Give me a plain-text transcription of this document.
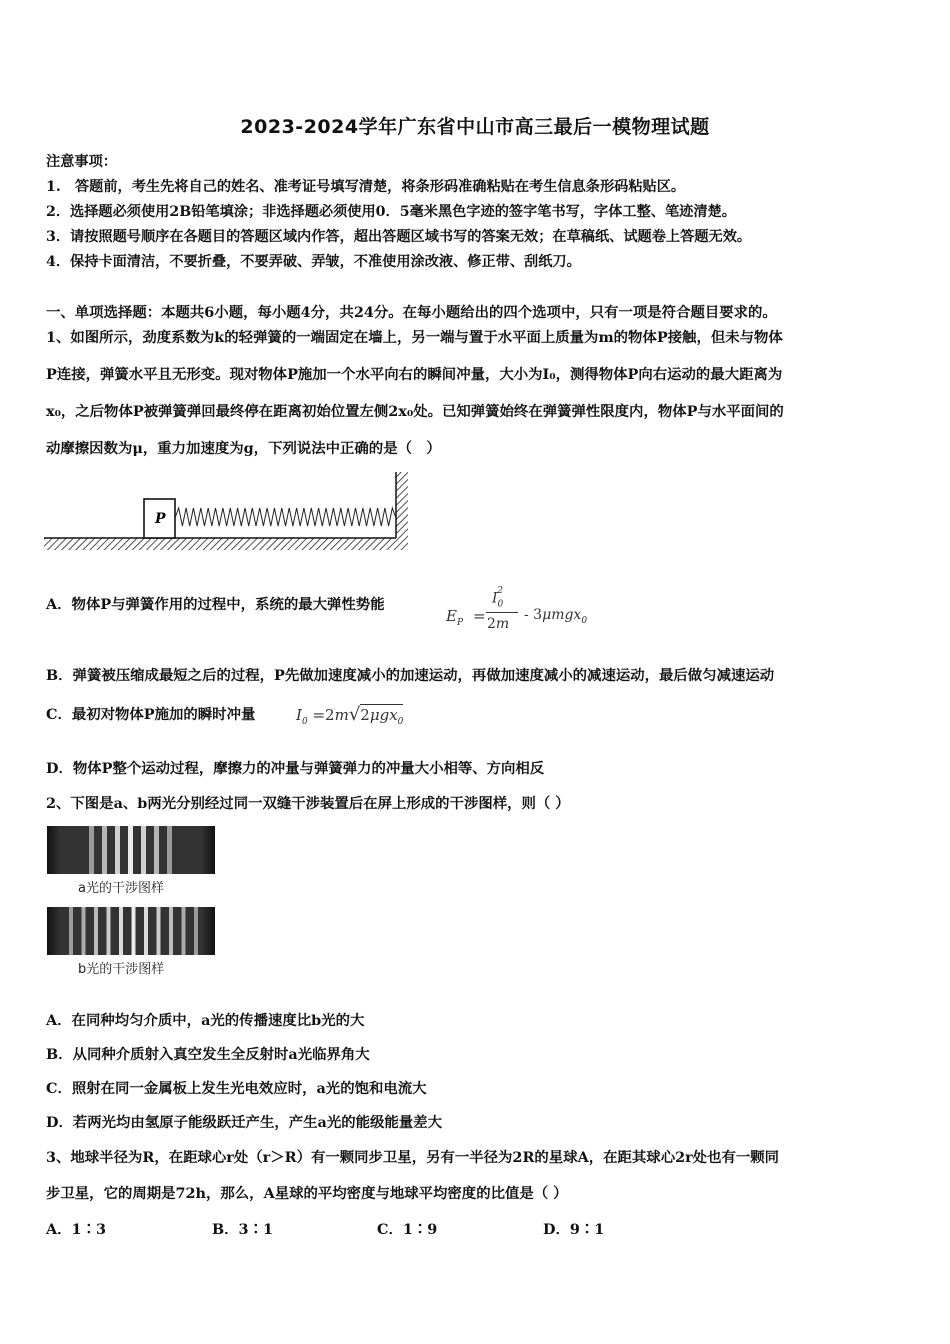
2023-2024学年广东省中山市高三最后一模物理试题
注意事项：
1.　答题前，考生先将自己的姓名、准考证号填写清楚，将条形码准确粘贴在考生信息条形码粘贴区。
2．选择题必须使用2B铅笔填涂；非选择题必须使用0．5毫米黑色字迹的签字笔书写，字体工整、笔迹清楚。
3．请按照题号顺序在各题目的答题区域内作答，超出答题区域书写的答案无效；在草稿纸、试题卷上答题无效。
4．保持卡面清洁，不要折叠，不要弄破、弄皱，不准使用涂改液、修正带、刮纸刀。
一、单项选择题：本题共6小题，每小题4分，共24分。在每小题给出的四个选项中，只有一项是符合题目要求的。
1、如图所示，劲度系数为k的轻弹簧的一端固定在墙上，另一端与置于水平面上质量为m的物体P接触，但未与物体
P连接，弹簧水平且无形变。现对物体P施加一个水平向右的瞬间冲量，大小为I₀，测得物体P向右运动的最大距离为
x₀，之后物体P被弹簧弹回最终停在距离初始位置左侧2x₀处。已知弹簧始终在弹簧弹性限度内，物体P与水平面间的
动摩擦因数为μ，重力加速度为g，下列说法中正确的是（　）
P
A．物体P与弹簧作用的过程中，系统的最大弹性势能
$E_P$ =
$I_0^2$
2m
- 3μmgx$_0$
B．弹簧被压缩成最短之后的过程，P先做加速度减小的加速运动，再做加速度减小的减速运动，最后做匀减速运动
C．最初对物体P施加的瞬时冲量	$I_0 =2m√2\mu gx_0$
D．物体P整个运动过程，摩擦力的冲量与弹簧弹力的冲量大小相等、方向相反
2、下图是a、b两光分别经过同一双缝干涉装置后在屏上形成的干涉图样，则（ ）
a光的干涉图样
b光的干涉图样
A．在同种均匀介质中，a光的传播速度比b光的大
B．从同种介质射入真空发生全反射时a光临界角大
C．照射在同一金属板上发生光电效应时，a光的饱和电流大
D．若两光均由氢原子能级跃迁产生，产生a光的能级能量差大
3、地球半径为R，在距球心r处（r＞R）有一颗同步卫星，另有一半径为2R的星球A，在距其球心2r处也有一颗同
步卫星，它的周期是72h，那么，A星球的平均密度与地球平均密度的比值是（ ）
A．1∶3	B．3∶1	C．1∶9	D．9∶1
